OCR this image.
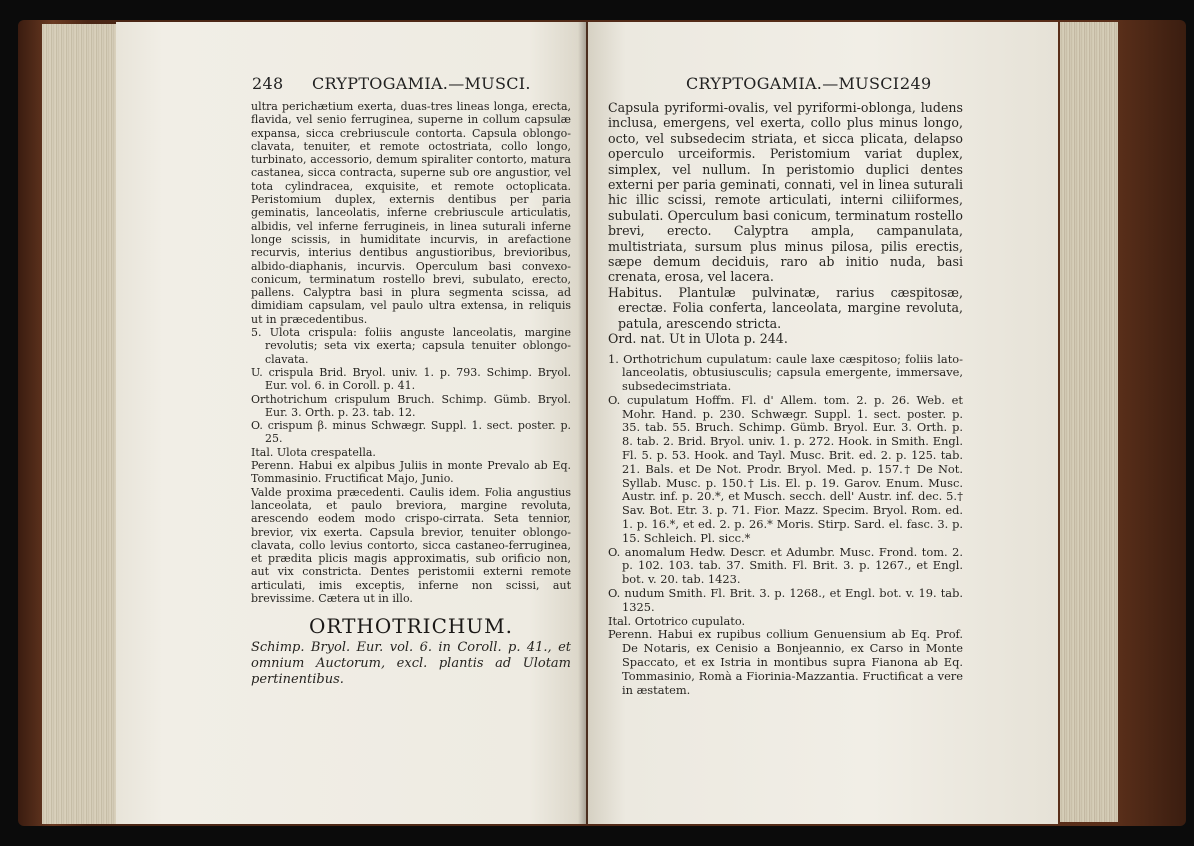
248 CRYPTOGAMIA.—MUSCI.

ultra perichætium exerta, duas-tres lineas longa, erecta, flavida, vel senio ferruginea, superne in collum capsulæ expansa, sicca crebriuscule contorta. Capsula oblongo-clavata, tenuiter, et remote octostriata, collo longo, turbinato, accessorio, demum spiraliter contorto, matura castanea, sicca contracta, superne sub ore angustior, vel tota cylindracea, exquisite, et remote octoplicata. Peristomium duplex, externis dentibus per paria geminatis, lanceolatis, inferne crebriuscule articulatis, albidis, vel inferne ferrugineis, in linea suturali inferne longe scissis, in humiditate incurvis, in arefactione recurvis, interius dentibus angustioribus, brevioribus, albido-diaphanis, incurvis. Operculum basi convexo-conicum, terminatum rostello brevi, subulato, erecto, pallens. Calyptra basi in plura segmenta scissa, ad dimidiam capsulam, vel paulo ultra extensa, in reliquis ut in præcedentibus.

5. Ulota crispula: foliis anguste lanceolatis, margine revolutis; seta vix exerta; capsula tenuiter oblongo-clavata.

U. crispula Brid. Bryol. univ. 1. p. 793. Schimp. Bryol. Eur. vol. 6. in Coroll. p. 41.

Orthotrichum crispulum Bruch. Schimp. Gümb. Bryol. Eur. 3. Orth. p. 23. tab. 12.

O. crispum β. minus Schwægr. Suppl. 1. sect. poster. p. 25.

Ital. Ulota crespatella.

Perenn. Habui ex alpibus Juliis in monte Prevalo ab Eq. Tommasinio. Fructificat Majo, Junio.

Valde proxima præcedenti. Caulis idem. Folia angustius lanceolata, et paulo breviora, margine revoluta, arescendo eodem modo crispo-cirrata. Seta tennior, brevior, vix exerta. Capsula brevior, tenuiter oblongo-clavata, collo levius contorto, sicca castaneo-ferruginea, et prædita plicis magis approximatis, sub orificio non, aut vix constricta. Dentes peristomii externi remote articulati, imis exceptis, inferne non scissi, aut brevissime. Cætera ut in illo.

ORTHOTRICHUM.

Schimp. Bryol. Eur. vol. 6. in Coroll. p. 41., et omnium Auctorum, excl. plantis ad Ulotam pertinentibus.

CRYPTOGAMIA.—MUSCI.
249

Capsula pyriformi-ovalis, vel pyriformi-oblonga, ludens inclusa, emergens, vel exerta, collo plus minus longo, octo, vel subsedecim striata, et sicca plicata, delapso operculo urceiformis. Peristomium variat duplex, simplex, vel nullum. In peristomio duplici dentes externi per paria geminati, connati, vel in linea suturali hic illic scissi, remote articulati, interni ciliiformes, subulati. Operculum basi conicum, terminatum rostello brevi, erecto. Calyptra ampla, campanulata, multistriata, sursum plus minus pilosa, pilis erectis, sæpe demum deciduis, raro ab initio nuda, basi crenata, erosa, vel lacera.

Habitus. Plantulæ pulvinatæ, rarius cæspitosæ, erectæ. Folia conferta, lanceolata, margine revoluta, patula, arescendo stricta.

Ord. nat. Ut in Ulota p. 244.

1. Orthotrichum cupulatum: caule laxe cæspitoso; foliis lato-lanceolatis, obtusiusculis; capsula emergente, immersave, subsedecimstriata.

O. cupulatum Hoffm. Fl. d' Allem. tom. 2. p. 26. Web. et Mohr. Hand. p. 230. Schwægr. Suppl. 1. sect. poster. p. 35. tab. 55. Bruch. Schimp. Gümb. Bryol. Eur. 3. Orth. p. 8. tab. 2. Brid. Bryol. univ. 1. p. 272. Hook. in Smith. Engl. Fl. 5. p. 53. Hook. and Tayl. Musc. Brit. ed. 2. p. 125. tab. 21. Bals. et De Not. Prodr. Bryol. Med. p. 157.† De Not. Syllab. Musc. p. 150.† Lis. El. p. 19. Garov. Enum. Musc. Austr. inf. p. 20.*, et Musch. secch. dell' Austr. inf. dec. 5.† Sav. Bot. Etr. 3. p. 71. Fior. Mazz. Specim. Bryol. Rom. ed. 1. p. 16.*, et ed. 2. p. 26.* Moris. Stirp. Sard. el. fasc. 3. p. 15. Schleich. Pl. sicc.*

O. anomalum Hedw. Descr. et Adumbr. Musc. Frond. tom. 2. p. 102. 103. tab. 37. Smith. Fl. Brit. 3. p. 1267., et Engl. bot. v. 20. tab. 1423.

O. nudum Smith. Fl. Brit. 3. p. 1268., et Engl. bot. v. 19. tab. 1325.

Ital. Ortotrico cupulato.

Perenn. Habui ex rupibus collium Genuensium ab Eq. Prof. De Notaris, ex Cenisio a Bonjeannio, ex Carso in Monte Spaccato, et ex Istria in montibus supra Fianona ab Eq. Tommasinio, Romà a Fiorinia-Mazzantia. Fructificat a vere in æstatem.
